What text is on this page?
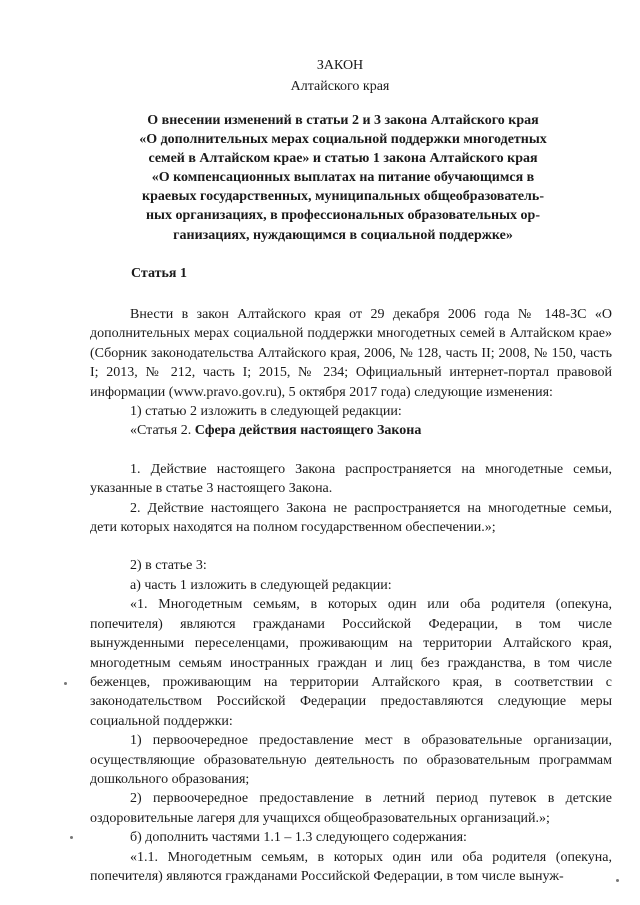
ЗАКОН
Алтайского края
О внесении изменений в статьи 2 и 3 закона Алтайского края
«О дополнительных мерах социальной поддержки многодетных
семей в Алтайском крае» и статью 1 закона Алтайского края
«О компенсационных выплатах на питание обучающимся в
краевых государственных, муниципальных общеобразователь-
ных организациях, в профессиональных образовательных ор-
ганизациях, нуждающимся в социальной поддержке»
Статья 1

Внести в закон Алтайского края от 29 декабря 2006 года № 148-ЗС «О дополнительных мерах социальной поддержки многодетных семей в Алтайском крае» (Сборник законодательства Алтайского края, 2006, № 128, часть II; 2008, № 150, часть I; 2013, № 212, часть I; 2015, № 234; Официальный интернет-портал правовой информации (www.pravo.gov.ru), 5 октября 2017 года) следующие изменения:

1) статью 2 изложить в следующей редакции:

«Статья 2. Сфера действия настоящего Закона

1. Действие настоящего Закона распространяется на многодетные семьи, указанные в статье 3 настоящего Закона.

2. Действие настоящего Закона не распространяется на многодетные семьи, дети которых находятся на полном государственном обеспечении.»;

2) в статье 3:

а) часть 1 изложить в следующей редакции:

«1. Многодетным семьям, в которых один или оба родителя (опекуна, попечителя) являются гражданами Российской Федерации, в том числе вынужденными переселенцами, проживающим на территории Алтайского края, многодетным семьям иностранных граждан и лиц без гражданства, в том числе беженцев, проживающим на территории Алтайского края, в соответствии с законодательством Российской Федерации предоставляются следующие меры социальной поддержки:

1) первоочередное предоставление мест в образовательные организации, осуществляющие образовательную деятельность по образовательным программам дошкольного образования;

2) первоочередное предоставление в летний период путевок в детские оздоровительные лагеря для учащихся общеобразовательных организаций.»;

б) дополнить частями 1.1 – 1.3 следующего содержания:

«1.1. Многодетным семьям, в которых один или оба родителя (опекуна, попечителя) являются гражданами Российской Федерации, в том числе вынуж-
